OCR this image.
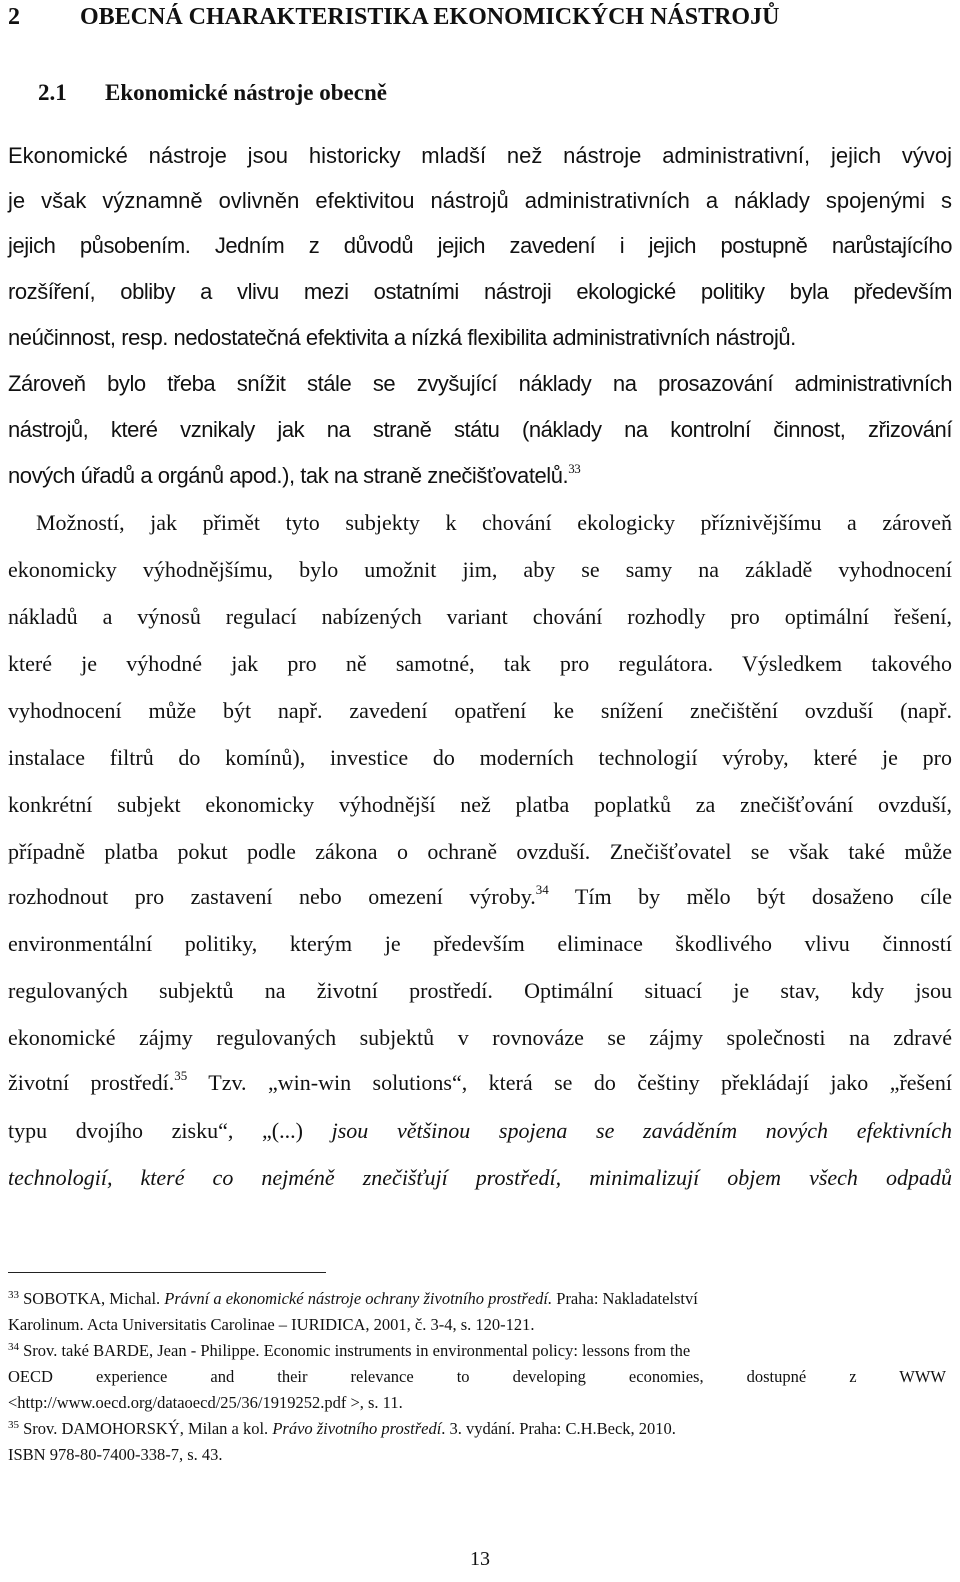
2	OBECNÁ CHARAKTERISTIKA EKONOMICKÝCH NÁSTROJŮ
2.1 Ekonomické nástroje obecně
Ekonomické nástroje jsou historicky mladší než nástroje administrativní, jejich vývoj
je však významně ovlivněn efektivitou nástrojů administrativních a náklady spojenými s
jejich působením. Jedním z důvodů jejich zavedení i jejich postupně narůstajícího
rozšíření, obliby a vlivu mezi ostatními nástroji ekologické politiky byla především
neúčinnost, resp. nedostatečná efektivita a nízká flexibilita administrativních nástrojů.
Zároveň bylo třeba snížit stále se zvyšující náklady na prosazování administrativních
nástrojů, které vznikaly jak na straně státu (náklady na kontrolní činnost, zřizování
nových úřadů a orgánů apod.), tak na straně znečišťovatelů.$^{33}$
Možností, jak přimět tyto subjekty k chování ekologicky příznivějšímu a zároveň
ekonomicky výhodnějšímu, bylo umožnit jim, aby se samy na základě vyhodnocení
nákladů a výnosů regulací nabízených variant chování rozhodly pro optimální řešení,
které je výhodné jak pro ně samotné, tak pro regulátora. Výsledkem takového
vyhodnocení může být např. zavedení opatření ke snížení znečištění ovzduší (např.
instalace filtrů do komínů), investice do moderních technologií výroby, které je pro
konkrétní subjekt ekonomicky výhodnější než platba poplatků za znečišťování ovzduší,
případně platba pokut podle zákona o ochraně ovzduší. Znečišťovatel se však také může
rozhodnout pro zastavení nebo omezení výroby.$^{34}$ Tím by mělo být dosaženo cíle
environmentální politiky, kterým je především eliminace škodlivého vlivu činností
regulovaných subjektů na životní prostředí. Optimální situací je stav, kdy jsou
ekonomické zájmy regulovaných subjektů v rovnováze se zájmy společnosti na zdravé
životní prostředí.$^{35}$ Tzv. „win-win solutions“, která se do češtiny překládají jako „řešení
typu dvojího zisku“, „(...) jsou většinou spojena se zaváděním nových efektivních
technologií, které co nejméně znečišťují prostředí, minimalizují objem všech odpadů
$^{33}$ SOBOTKA, Michal. Právní a ekonomické nástroje ochrany životního prostředí. Praha: Nakladatelství
Karolinum. Acta Universitatis Carolinae – IURIDICA, 2001, č. 3-4, s. 120-121.
$^{34}$ Srov. také BARDE, Jean - Philippe. Economic instruments in environmental policy: lessons from the
OECD experience and their relevance to developing economies, dostupné z WWW
<http://www.oecd.org/dataoecd/25/36/1919252.pdf >, s. 11.
$^{35}$ Srov. DAMOHORSKÝ, Milan a kol. Právo životního prostředí. 3. vydání. Praha: C.H.Beck, 2010.
ISBN 978-80-7400-338-7, s. 43.
13
